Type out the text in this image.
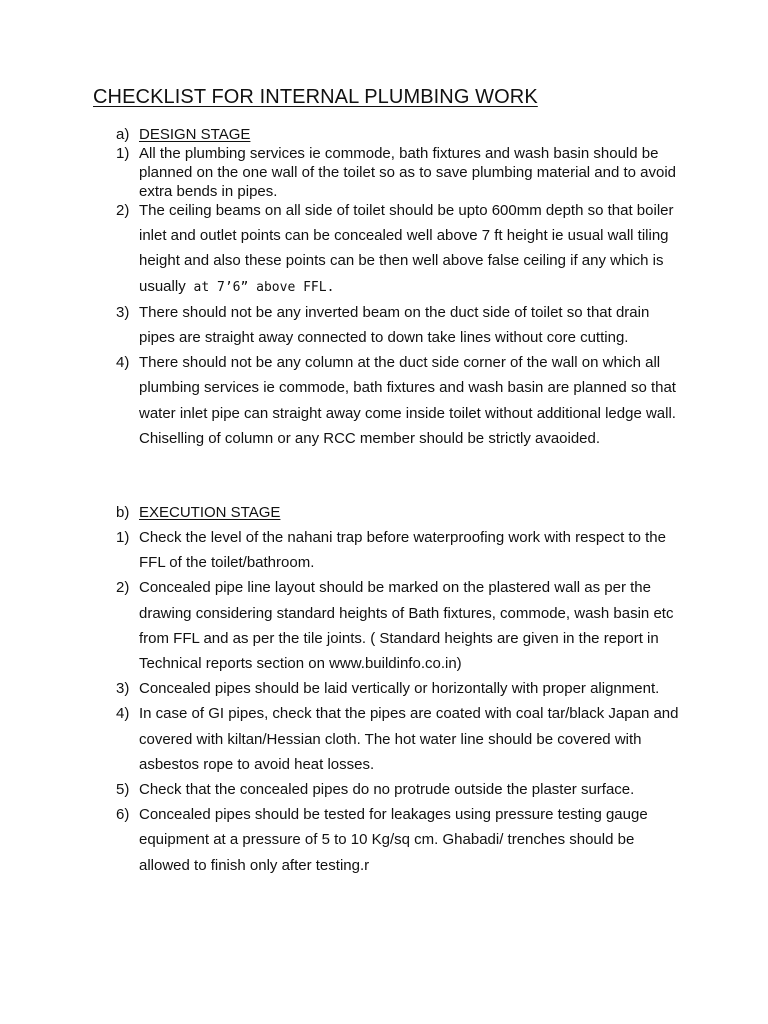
CHECKLIST FOR INTERNAL PLUMBING WORK
a) DESIGN STAGE
1) All the plumbing services ie commode, bath fixtures and wash basin should be planned on the one wall of the toilet so as to save plumbing material and to avoid extra bends in pipes.
2) The ceiling beams on all side of toilet should be upto 600mm depth so that boiler inlet and outlet points can be concealed well above 7 ft height ie usual wall tiling height and also these points can be then well above false ceiling if any which is usually at 7’6” above FFL.
3) There should not be any inverted beam on the duct side of toilet so that drain pipes are straight away connected to down take lines without core cutting.
4) There should not be any column at the duct side corner of the wall on which all plumbing services ie commode, bath fixtures and wash basin are planned so that water inlet pipe can straight away come inside toilet without additional ledge wall. Chiselling of column or any RCC member should be strictly avaoided.
b) EXECUTION STAGE
1) Check the level of the nahani trap before waterproofing work with respect to the FFL of the toilet/bathroom.
2) Concealed pipe line layout should be marked on the plastered wall as per the drawing considering standard heights of Bath fixtures, commode, wash basin etc from FFL and as per the tile joints. ( Standard heights are given in the report in Technical reports section on www.buildinfo.co.in)
3) Concealed pipes should be laid vertically or horizontally with proper alignment.
4) In case of GI pipes, check that the pipes are coated with coal tar/black Japan and covered with kiltan/Hessian cloth. The hot water line should be covered with asbestos rope to avoid heat losses.
5) Check that the concealed pipes do no protrude outside the plaster surface.
6) Concealed pipes should be tested for leakages using pressure testing gauge equipment at a pressure of 5 to 10 Kg/sq cm. Ghabadi/ trenches should be allowed to finish only after testing.r
